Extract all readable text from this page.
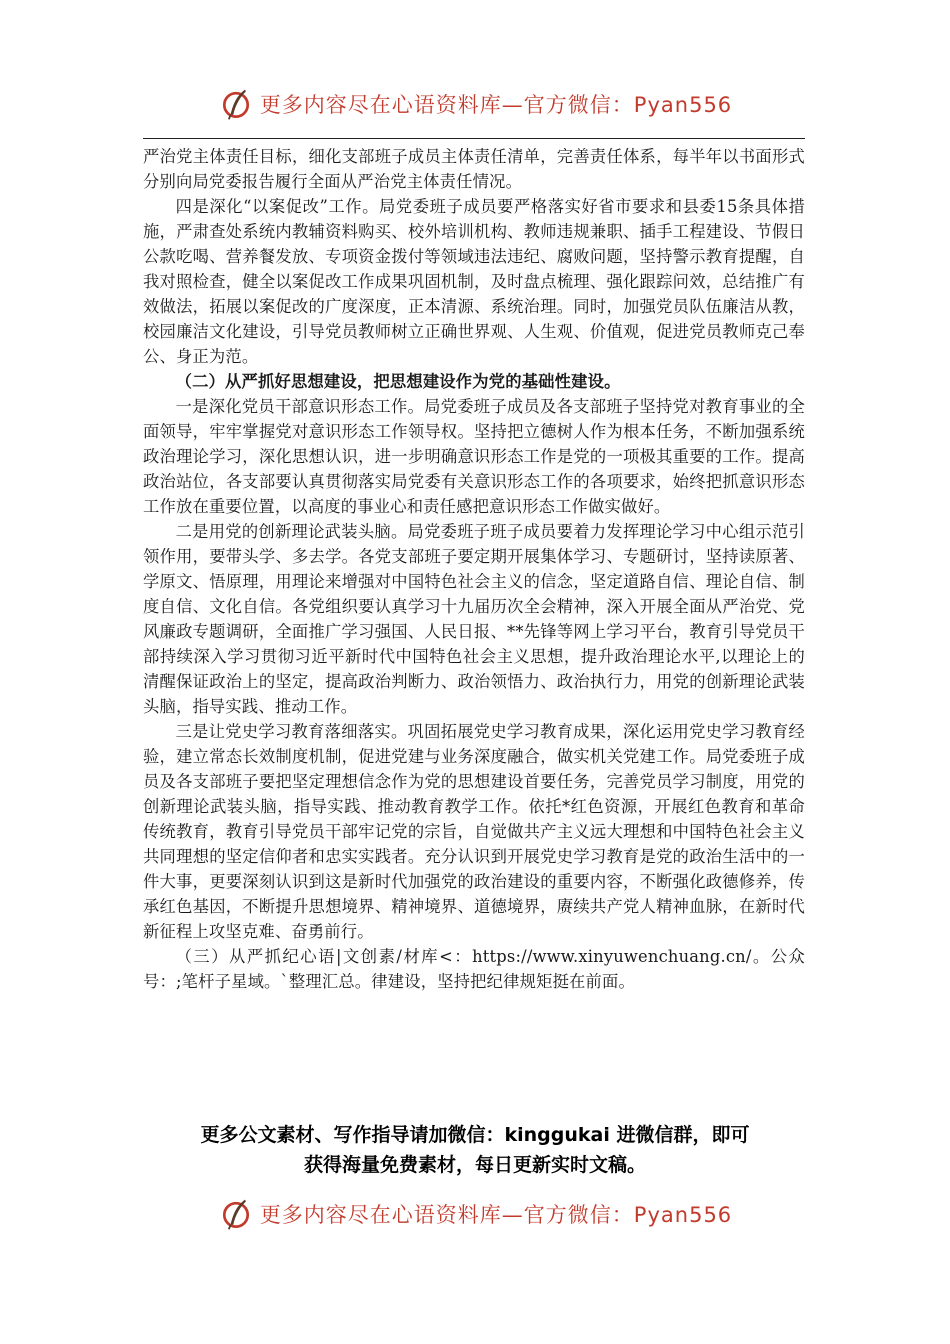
更多内容尽在心语资料库—官方微信：Pyan556

严治党主体责任目标，细化支部班子成员主体责任清单，完善责任体系，每半年以书面形式分别向局党委报告履行全面从严治党主体责任情况。

四是深化“以案促改”工作。局党委班子成员要严格落实好省市要求和县委15条具体措施，严肃查处系统内教辅资料购买、校外培训机构、教师违规兼职、插手工程建设、节假日公款吃喝、营养餐发放、专项资金拨付等领域违法违纪、腐败问题，坚持警示教育提醒，自我对照检查，健全以案促改工作成果巩固机制，及时盘点梳理、强化跟踪问效，总结推广有效做法，拓展以案促改的广度深度，正本清源、系统治理。同时，加强党员队伍廉洁从教，校园廉洁文化建设，引导党员教师树立正确世界观、人生观、价值观，促进党员教师克己奉公、身正为范。

（二）从严抓好思想建设，把思想建设作为党的基础性建设。

一是深化党员干部意识形态工作。局党委班子成员及各支部班子坚持党对教育事业的全面领导，牢牢掌握党对意识形态工作领导权。坚持把立德树人作为根本任务，不断加强系统政治理论学习，深化思想认识，进一步明确意识形态工作是党的一项极其重要的工作。提高政治站位，各支部要认真贯彻落实局党委有关意识形态工作的各项要求，始终把抓意识形态工作放在重要位置，以高度的事业心和责任感把意识形态工作做实做好。

二是用党的创新理论武装头脑。局党委班子班子成员要着力发挥理论学习中心组示范引领作用，要带头学、多去学。各党支部班子要定期开展集体学习、专题研讨，坚持读原著、学原文、悟原理，用理论来增强对中国特色社会主义的信念，坚定道路自信、理论自信、制度自信、文化自信。各党组织要认真学习十九届历次全会精神，深入开展全面从严治党、党风廉政专题调研，全面推广学习强国、人民日报、**先锋等网上学习平台，教育引导党员干部持续深入学习贯彻习近平新时代中国特色社会主义思想，提升政治理论水平,以理论上的清醒保证政治上的坚定，提高政治判断力、政治领悟力、政治执行力，用党的创新理论武装头脑，指导实践、推动工作。

三是让党史学习教育落细落实。巩固拓展党史学习教育成果，深化运用党史学习教育经验，建立常态长效制度机制，促进党建与业务深度融合，做实机关党建工作。局党委班子成员及各支部班子要把坚定理想信念作为党的思想建设首要任务，完善党员学习制度，用党的创新理论武装头脑，指导实践、推动教育教学工作。依托*红色资源，开展红色教育和革命传统教育，教育引导党员干部牢记党的宗旨，自觉做共产主义远大理想和中国特色社会主义共同理想的坚定信仰者和忠实实践者。充分认识到开展党史学习教育是党的政治生活中的一件大事，更要深刻认识到这是新时代加强党的政治建设的重要内容，不断强化政德修养，传承红色基因，不断提升思想境界、精神境界、道德境界，赓续共产党人精神血脉，在新时代新征程上攻坚克难、奋勇前行。

（三）从严抓纪心语|文创素/材库<：https://www.xinyuwenchuang.cn/。公众号：;笔杆子星域。`整理汇总。律建设，坚持把纪律规矩挺在前面。

更多公文素材、写作指导请加微信：kinggukai 进微信群，即可
获得海量免费素材，每日更新实时文稿。
更多内容尽在心语资料库—官方微信：Pyan556
